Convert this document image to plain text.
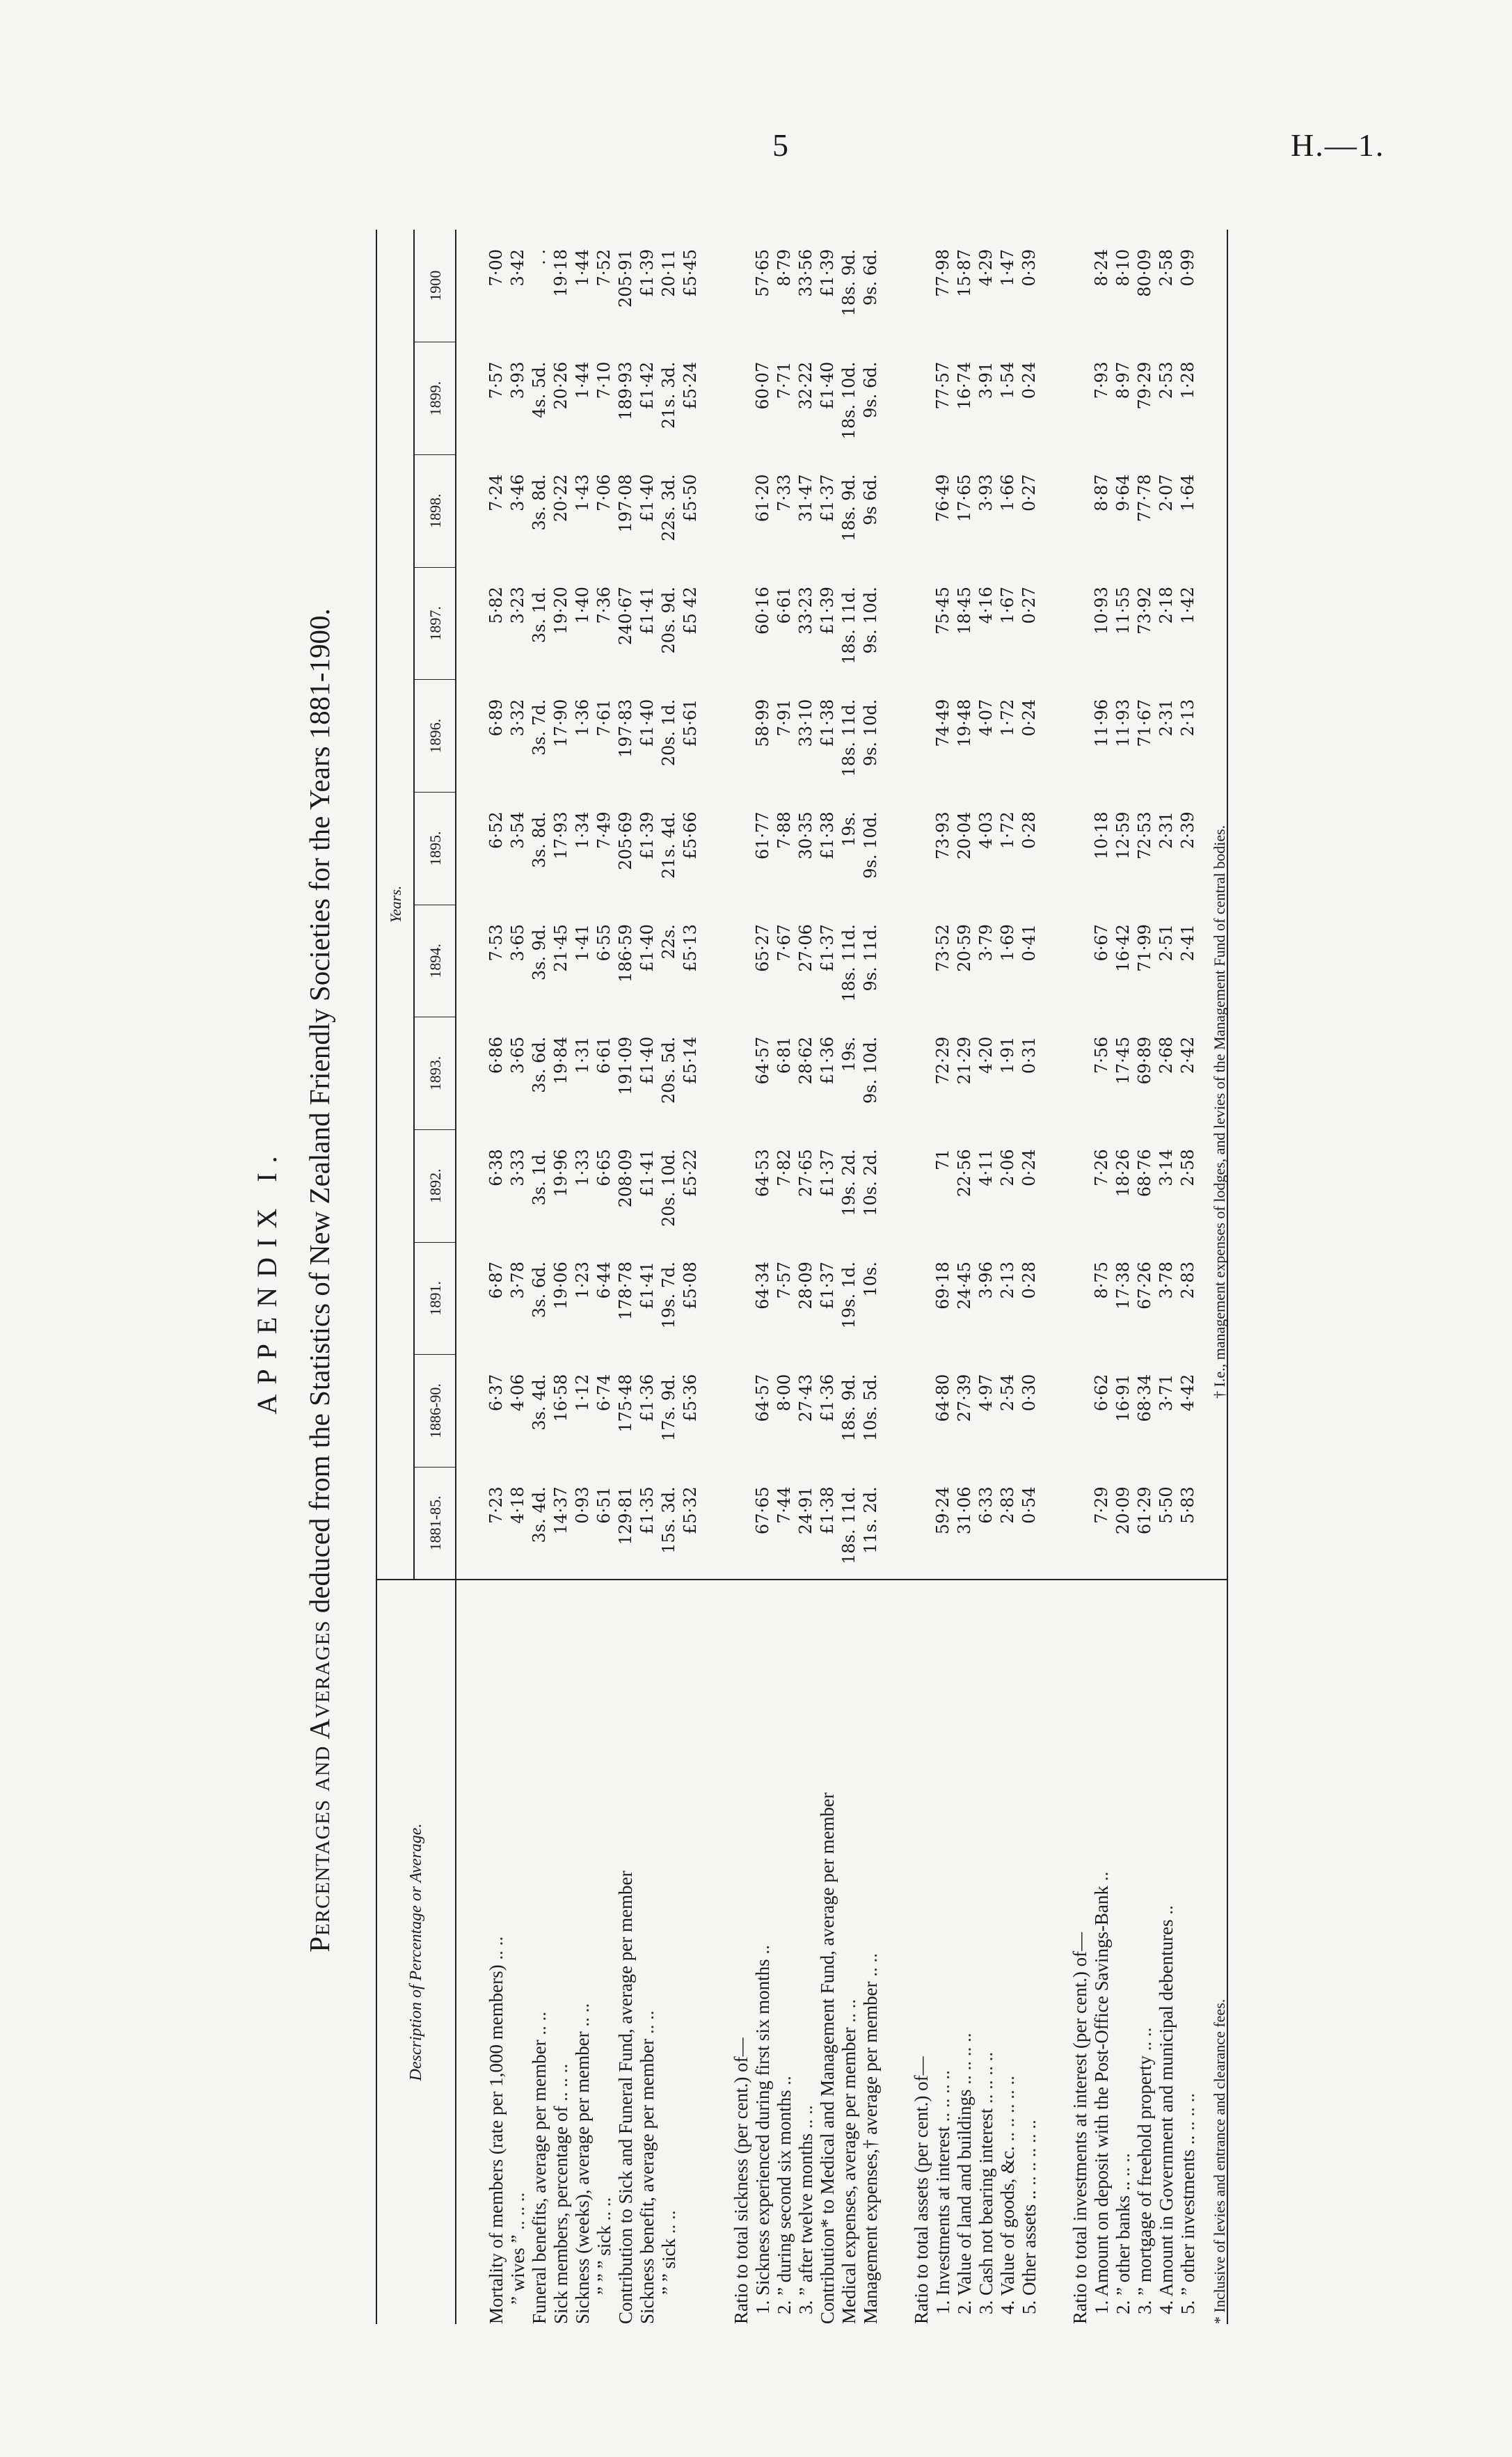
5	H.—1.
APPENDIX I.
Percentages and Averages deduced from the Statistics of New Zealand Friendly Societies for the Years 1881-1900.
Description of Percentage or Average.	Years.											
	1881-85.	1886-90.	1891.	1892.	1893.	1894.	1895.	1896.	1897.	1898.	1899.	1900

Mortality of members (rate per 1,000 members) .. ..	7·23	6·37	6·87	6·38	6·86	7·53	6·52	6·89	5·82	7·24	7·57	7·00
” wives ” .. .. ..	4·18	4·06	3·78	3·33	3·65	3·65	3·54	3·32	3·23	3·46	3·93	3·42
Funeral benefits, average per member .. ..	3s. 4d.	3s. 4d.	3s. 6d.	3s. 1d.	3s. 6d.	3s. 9d.	3s. 8d.	3s. 7d.	3s. 1d.	3s. 8d.	4s. 5d.	. .
Sick members, percentage of .. .. ..	14·37	16·58	19·06	19·96	19·84	21·45	17·93	17·90	19·20	20·22	20·26	19·18
Sickness (weeks), average per member .. ..	0·93	1·12	1·23	1·33	1·31	1·41	1·34	1·36	1·40	1·43	1·44	1·44
” ” ” sick .. ..	6·51	6·74	6·44	6·65	6·61	6·55	7·49	7·61	7·36	7·06	7·10	7·52
Contribution to Sick and Funeral Fund, average per member	129·81	175·48	178·78	208·09	191·09	186·59	205·69	197·83	240·67	197·08	189·93	205·91
Sickness benefit, average per member .. ..	£1·35	£1·36	£1·41	£1·41	£1·40	£1·40	£1·39	£1·40	£1·41	£1·40	£1·42	£1·39
” ” sick .. ..	15s. 3d.	17s. 9d.	19s. 7d.	20s. 10d.	20s. 5d.	22s.	21s. 4d.	20s. 1d.	20s. 9d.	22s. 3d.	21s. 3d.	20·11
	£5·32	£5·36	£5·08	£5·22	£5·14	£5·13	£5·66	£5·61	£5 42	£5·50	£5·24	£5·45

Ratio to total sickness (per cent.) of—												
1. Sickness experienced during first six months ..	67·65	64·57	64·34	64·53	64·57	65·27	61·77	58·99	60·16	61·20	60·07	57·65
2. ” during second six months ..	7·44	8·00	7·57	7·82	6·81	7·67	7·88	7·91	6·61	7·33	7·71	8·79
3. ” after twelve months .. ..	24·91	27·43	28·09	27·65	28·62	27·06	30·35	33·10	33·23	31·47	32·22	33·56
Contribution* to Medical and Management Fund, average per member	£1·38	£1·36	£1·37	£1·37	£1·36	£1·37	£1·38	£1·38	£1·39	£1·37	£1·40	£1·39
Medical expenses, average per member .. ..	18s. 11d.	18s. 9d.	19s. 1d.	19s. 2d.	19s.	18s. 11d.	19s.	18s. 11d.	18s. 11d.	18s. 9d.	18s. 10d.	18s. 9d.
Management expenses,† average per member .. ..	11s. 2d.	10s. 5d.	10s.	10s. 2d.	9s. 10d.	9s. 11d.	9s. 10d.	9s. 10d.	9s. 10d.	9s 6d.	9s. 6d.	9s. 6d.

Ratio to total assets (per cent.) of—												
1. Investments at interest .. .. .. ..	59·24	64·80	69·18	71	72·29	73·52	73·93	74·49	75·45	76·49	77·57	77·98
2. Value of land and buildings .. .. .. ..	31·06	27·39	24·45	22·56	21·29	20·59	20·04	19·48	18·45	17·65	16·74	15·87
3. Cash not bearing interest .. .. .. ..	6·33	4·97	3·96	4·11	4·20	3·79	4·03	4·07	4·16	3·93	3·91	4·29
4. Value of goods, &c. .. .. .. .. ..	2·83	2·54	2·13	2·06	1·91	1·69	1·72	1·72	1·67	1·66	1·54	1·47
5. Other assets .. .. .. .. .. ..	0·54	0·30	0·28	0·24	0·31	0·41	0·28	0·24	0·27	0·27	0·24	0·39

Ratio to total investments at interest (per cent.) of—												
1. Amount on deposit with the Post-Office Savings-Bank ..	7·29	6·62	8·75	7·26	7·56	6·67	10·18	11·96	10·93	8·87	7·93	8·24
2. ” other banks .. .. ..	20·09	16·91	17·38	18·26	17·45	16·42	12·59	11·93	11·55	9·64	8·97	8·10
3. ” mortgage of freehold property .. ..	61·29	68·34	67·26	68·76	69·89	71·99	72·53	71·67	73·92	77·78	79·29	80·09
4. Amount in Government and municipal debentures ..	5·50	3·71	3·78	3·14	2·68	2·51	2·31	2·31	2·18	2·07	2·53	2·58
5. ” other investments .. .. .. ..	5·83	4·42	2·83	2·58	2·42	2·41	2·39	2·13	1·42	1·64	1·28	0·99

* Inclusive of levies and entrance and clearance fees.
† I.e., management expenses of lodges, and levies of the Management Fund of central bodies.
